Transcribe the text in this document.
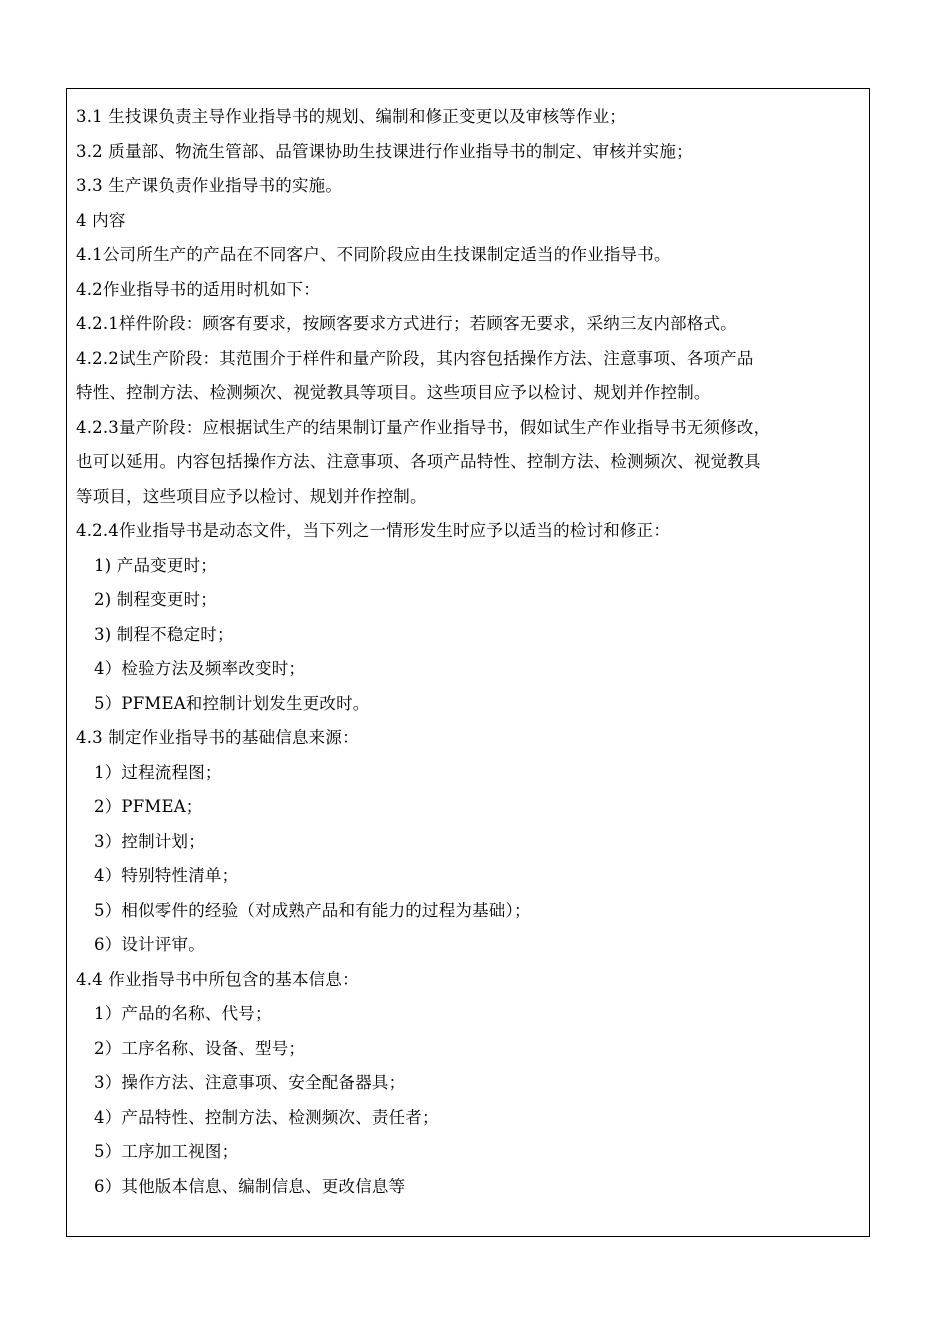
3.1 生技课负责主导作业指导书的规划、编制和修正变更以及审核等作业；
3.2 质量部、物流生管部、品管课协助生技课进行作业指导书的制定、审核并实施；
3.3 生产课负责作业指导书的实施。
4 内容
4.1公司所生产的产品在不同客户、不同阶段应由生技课制定适当的作业指导书。
4.2作业指导书的适用时机如下：
4.2.1样件阶段：顾客有要求，按顾客要求方式进行；若顾客无要求，采纳三友内部格式。
4.2.2试生产阶段：其范围介于样件和量产阶段，其内容包括操作方法、注意事项、各项产品
特性、控制方法、检测频次、视觉教具等项目。这些项目应予以检讨、规划并作控制。
4.2.3量产阶段：应根据试生产的结果制订量产作业指导书，假如试生产作业指导书无须修改，
也可以延用。内容包括操作方法、注意事项、各项产品特性、控制方法、检测频次、视觉教具
等项目，这些项目应予以检讨、规划并作控制。
4.2.4作业指导书是动态文件，当下列之一情形发生时应予以适当的检讨和修正：
1) 产品变更时；
2) 制程变更时；
3) 制程不稳定时；
4）检验方法及频率改变时；
5）PFMEA和控制计划发生更改时。
4.3 制定作业指导书的基础信息来源：
1）过程流程图；
2）PFMEA；
3）控制计划；
4）特别特性清单；
5）相似零件的经验（对成熟产品和有能力的过程为基础）；
6）设计评审。
4.4 作业指导书中所包含的基本信息：
1）产品的名称、代号；
2）工序名称、设备、型号；
3）操作方法、注意事项、安全配备器具；
4）产品特性、控制方法、检测频次、责任者；
5）工序加工视图；
6）其他版本信息、编制信息、更改信息等
